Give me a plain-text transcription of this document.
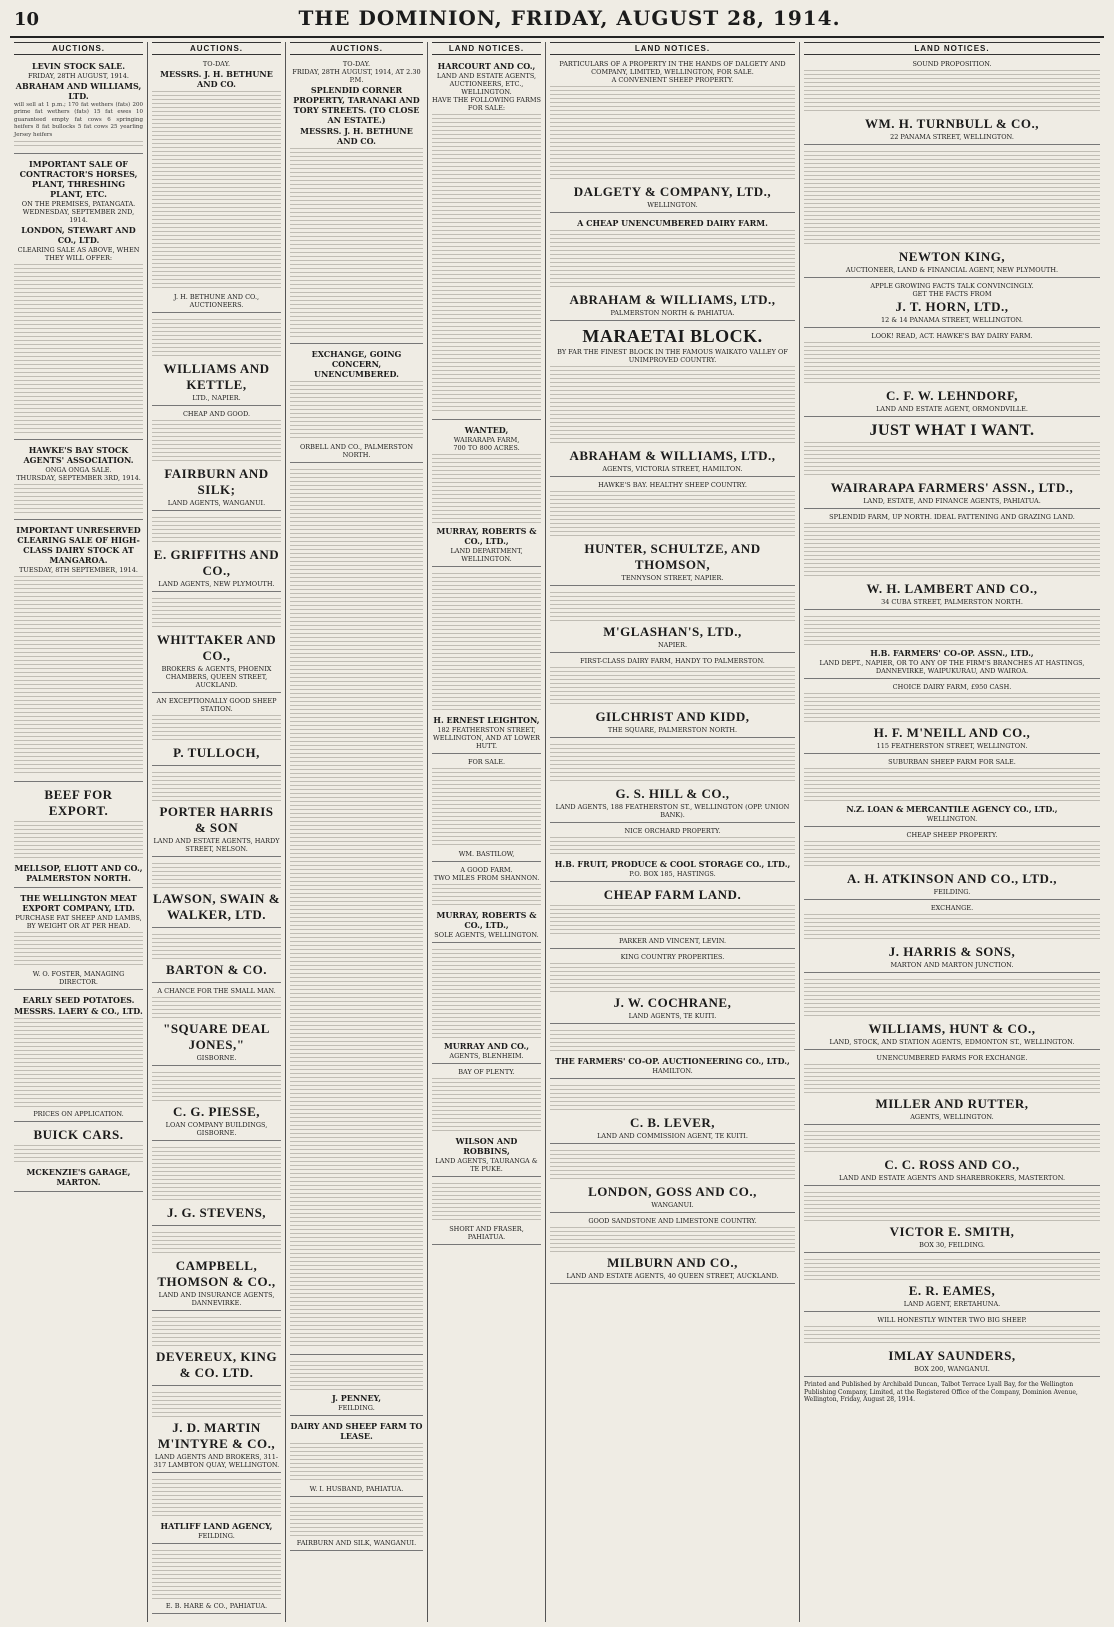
10	THE DOMINION, FRIDAY, AUGUST 28, 1914.
AUCTIONS.
LEVIN STOCK SALE.
FRIDAY, 28TH AUGUST, 1914.
ABRAHAM AND WILLIAMS, LTD.
will sell at 1 p.m.; 170 fat wethers (fats) 200 prime fat wethers (fats) 15 fat ewes 10 guaranteed empty fat cows 6 springing heifers 8 fat bullocks 5 fat cows 25 yearling Jersey heifers

IMPORTANT SALE OF CONTRACTOR'S HORSES, PLANT, THRESHING PLANT, ETC.
ON THE PREMISES, PATANGATA.
WEDNESDAY, SEPTEMBER 2ND, 1914.
LONDON, STEWART AND CO., LTD.
CLEARING SALE AS ABOVE, WHEN THEY WILL OFFER:
HAWKE'S BAY STOCK AGENTS' ASSOCIATION.
ONGA ONGA SALE.
THURSDAY, SEPTEMBER 3RD, 1914.
IMPORTANT UNRESERVED CLEARING SALE OF HIGH-CLASS DAIRY STOCK AT MANGAROA.
TUESDAY, 8TH SEPTEMBER, 1914.
BEEF FOR EXPORT.
MELLSOP, ELIOTT AND CO., PALMERSTON NORTH.
THE WELLINGTON MEAT EXPORT COMPANY, LTD.
PURCHASE FAT SHEEP AND LAMBS, BY WEIGHT OR AT PER HEAD.
W. O. FOSTER, MANAGING DIRECTOR.
EARLY SEED POTATOES.
MESSRS. LAERY & CO., LTD.
PRICES ON APPLICATION.
BUICK CARS.
MCKENZIE'S GARAGE, MARTON.
AUCTIONS.
TO-DAY.
MESSRS. J. H. BETHUNE AND CO.
J. H. BETHUNE AND CO., AUCTIONEERS.
WILLIAMS AND KETTLE,
LTD., NAPIER.
CHEAP AND GOOD.
FAIRBURN AND SILK;
LAND AGENTS, WANGANUI.
E. GRIFFITHS AND CO.,
LAND AGENTS, NEW PLYMOUTH.
WHITTAKER AND CO.,
BROKERS & AGENTS, PHOENIX CHAMBERS, QUEEN STREET, AUCKLAND.
AN EXCEPTIONALLY GOOD SHEEP STATION.
P. TULLOCH,
PORTER HARRIS & SON
LAND AND ESTATE AGENTS, HARDY STREET, NELSON.
LAWSON, SWAIN & WALKER, LTD.
BARTON & CO.
A CHANCE FOR THE SMALL MAN.
"SQUARE DEAL JONES,"
GISBORNE.
C. G. PIESSE,
LOAN COMPANY BUILDINGS, GISBORNE.
J. G. STEVENS,
CAMPBELL, THOMSON & CO.,
LAND AND INSURANCE AGENTS, DANNEVIRKE.
DEVEREUX, KING & CO. LTD.
J. D. MARTIN M'INTYRE & CO.,
LAND AGENTS AND BROKERS, 311-317 LAMBTON QUAY, WELLINGTON.
HATLIFF LAND AGENCY,
FEILDING.
E. B. HARE & CO., PAHIATUA.
AUCTIONS.
TO-DAY.
FRIDAY, 28TH AUGUST, 1914, AT 2.30 P.M.
SPLENDID CORNER PROPERTY, TARANAKI AND TORY STREETS. (TO CLOSE AN ESTATE.)
MESSRS. J. H. BETHUNE AND CO.
EXCHANGE, GOING CONCERN, UNENCUMBERED.
ORBELL AND CO., PALMERSTON NORTH.
J. PENNEY,
FEILDING.
DAIRY AND SHEEP FARM TO LEASE.
W. I. HUSBAND, PAHIATUA.
FAIRBURN AND SILK, WANGANUI.
LAND NOTICES.
HARCOURT AND CO.,
LAND AND ESTATE AGENTS, AUCTIONEERS, ETC., WELLINGTON.
HAVE THE FOLLOWING FARMS FOR SALE:
WANTED,
WAIRARAPA FARM,
700 TO 800 ACRES.
MURRAY, ROBERTS & CO., LTD.,
LAND DEPARTMENT, WELLINGTON.
H. ERNEST LEIGHTON,
182 FEATHERSTON STREET, WELLINGTON, AND AT LOWER HUTT.
FOR SALE.
WM. BASTILOW,
A GOOD FARM.
TWO MILES FROM SHANNON.
MURRAY, ROBERTS & CO., LTD.,
SOLE AGENTS, WELLINGTON.
MURRAY AND CO.,
AGENTS, BLENHEIM.
BAY OF PLENTY.
WILSON AND ROBBINS,
LAND AGENTS, TAURANGA & TE PUKE.
SHORT AND FRASER, PAHIATUA.
LAND NOTICES.
PARTICULARS OF A PROPERTY IN THE HANDS OF DALGETY AND COMPANY, LIMITED, WELLINGTON, FOR SALE.
A CONVENIENT SHEEP PROPERTY.
DALGETY & COMPANY, LTD.,
WELLINGTON.
A CHEAP UNENCUMBERED DAIRY FARM.
ABRAHAM & WILLIAMS, LTD.,
PALMERSTON NORTH & PAHIATUA.
MARAETAI BLOCK.
BY FAR THE FINEST BLOCK IN THE FAMOUS WAIKATO VALLEY OF UNIMPROVED COUNTRY.
ABRAHAM & WILLIAMS, LTD.,
AGENTS, VICTORIA STREET, HAMILTON.
HAWKE'S BAY. HEALTHY SHEEP COUNTRY.
HUNTER, SCHULTZE, AND THOMSON,
TENNYSON STREET, NAPIER.
M'GLASHAN'S, LTD.,
NAPIER.
FIRST-CLASS DAIRY FARM, HANDY TO PALMERSTON.
GILCHRIST AND KIDD,
THE SQUARE, PALMERSTON NORTH.
G. S. HILL & CO.,
LAND AGENTS, 188 FEATHERSTON ST., WELLINGTON (OPP. UNION BANK).
NICE ORCHARD PROPERTY.
H.B. FRUIT, PRODUCE & COOL STORAGE CO., LTD.,
P.O. BOX 185, HASTINGS.
CHEAP FARM LAND.
PARKER AND VINCENT, LEVIN.
KING COUNTRY PROPERTIES.
J. W. COCHRANE,
LAND AGENTS, TE KUITI.
THE FARMERS' CO-OP. AUCTIONEERING CO., LTD.,
HAMILTON.
C. B. LEVER,
LAND AND COMMISSION AGENT, TE KUITI.
LONDON, GOSS AND CO.,
WANGANUI.
GOOD SANDSTONE AND LIMESTONE COUNTRY.
MILBURN AND CO.,
LAND AND ESTATE AGENTS, 40 QUEEN STREET, AUCKLAND.
LAND NOTICES.
SOUND PROPOSITION.
WM. H. TURNBULL & CO.,
22 PANAMA STREET, WELLINGTON.
NEWTON KING,
AUCTIONEER, LAND & FINANCIAL AGENT, NEW PLYMOUTH.
APPLE GROWING FACTS TALK CONVINCINGLY.
GET THE FACTS FROM
J. T. HORN, LTD.,
12 & 14 PANAMA STREET, WELLINGTON.
LOOK! READ, ACT. HAWKE'S BAY DAIRY FARM.
C. F. W. LEHNDORF,
LAND AND ESTATE AGENT, ORMONDVILLE.
JUST WHAT I WANT.
WAIRARAPA FARMERS' ASSN., LTD.,
LAND, ESTATE, AND FINANCE AGENTS, PAHIATUA.
SPLENDID FARM, UP NORTH. IDEAL FATTENING AND GRAZING LAND.
W. H. LAMBERT AND CO.,
34 CUBA STREET, PALMERSTON NORTH.
H.B. FARMERS' CO-OP. ASSN., LTD.,
LAND DEPT., NAPIER, OR TO ANY OF THE FIRM'S BRANCHES AT HASTINGS, DANNEVIRKE, WAIPUKURAU, AND WAIROA.
CHOICE DAIRY FARM, £950 CASH.
H. F. M'NEILL AND CO.,
115 FEATHERSTON STREET, WELLINGTON.
SUBURBAN SHEEP FARM FOR SALE.
N.Z. LOAN & MERCANTILE AGENCY CO., LTD.,
WELLINGTON.
CHEAP SHEEP PROPERTY.
A. H. ATKINSON AND CO., LTD.,
FEILDING.
EXCHANGE.
J. HARRIS & SONS,
MARTON AND MARTON JUNCTION.
WILLIAMS, HUNT & CO.,
LAND, STOCK, AND STATION AGENTS, EDMONTON ST., WELLINGTON.
UNENCUMBERED FARMS FOR EXCHANGE.
MILLER AND RUTTER,
AGENTS, WELLINGTON.
C. C. ROSS AND CO.,
LAND AND ESTATE AGENTS AND SHAREBROKERS, MASTERTON.
VICTOR E. SMITH,
BOX 30, FEILDING.
E. R. EAMES,
LAND AGENT, ERETAHUNA.
WILL HONESTLY WINTER TWO BIG SHEEP.
IMLAY SAUNDERS,
BOX 200, WANGANUI.
Printed and Published by Archibald Duncan, Talbot Terrace Lyall Bay, for the Wellington Publishing Company, Limited, at the Registered Office of the Company, Dominion Avenue, Wellington, Friday, August 28, 1914.
